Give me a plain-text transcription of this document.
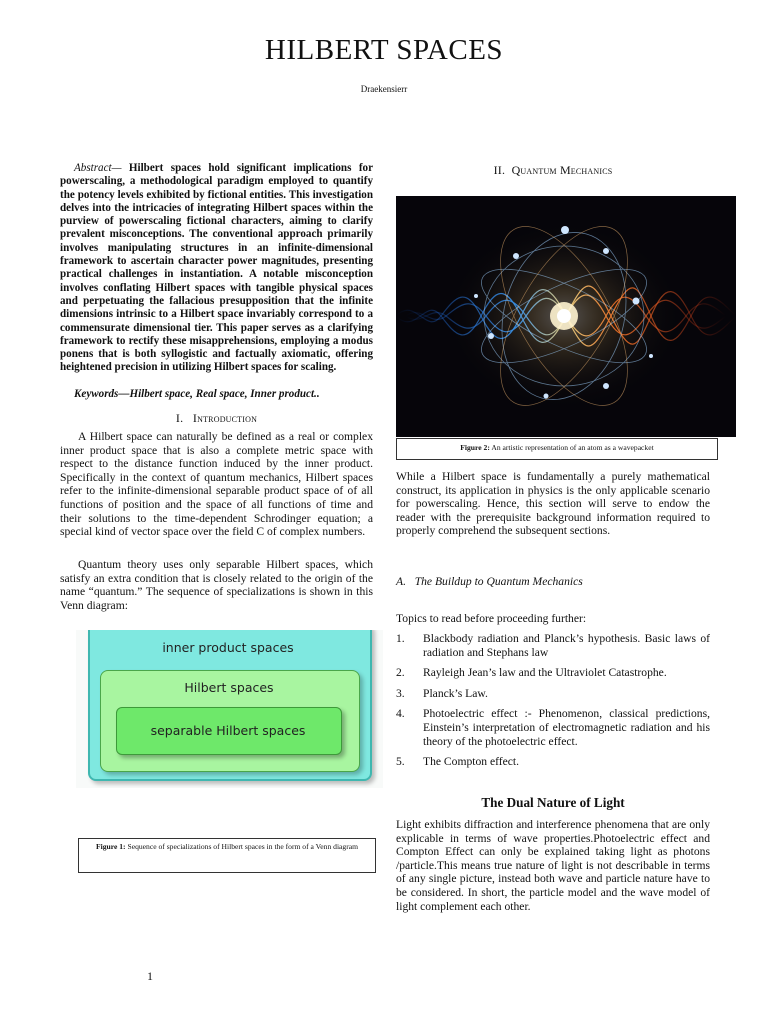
HILBERT SPACES
Draekensierr
Abstract— Hilbert spaces hold significant implications for powerscaling, a methodological paradigm employed to quantify the potency levels exhibited by fictional entities. This investigation delves into the intricacies of integrating Hilbert spaces within the purview of powerscaling fictional characters, aiming to clarify prevalent misconceptions. The conventional approach primarily involves manipulating structures in an infinite-dimensional framework to ascertain character power magnitudes, presenting practical challenges in instantiation. A notable misconception involves conflating Hilbert spaces with tangible physical spaces and perpetuating the fallacious presupposition that the infinite dimensions intrinsic to a Hilbert space invariably correspond to a commensurate dimensional tier. This paper serves as a clarifying framework to rectify these misapprehensions, employing a modus ponens that is both syllogistic and factually axiomatic, offering heightened precision in utilizing Hilbert spaces for scaling.
Keywords—Hilbert space, Real space, Inner product..
I. Introduction
A Hilbert space can naturally be defined as a real or complex inner product space that is also a complete metric space with respect to the distance function induced by the inner product. Specifically in the context of quantum mechanics, Hilbert spaces refer to the infinite-dimensional separable product space of of all functions of position and the space of all functions of time and their solutions to the time-dependent Schrodinger equation; a special kind of vector space over the field C of complex numbers.
Quantum theory uses only separable Hilbert spaces, which satisfy an extra condition that is closely related to the origin of the name “quantum.” The sequence of specializations is shown in this Venn diagram:
inner product spaces
Hilbert spaces
separable Hilbert spaces
Figure 1: Sequence of specializations of Hilbert spaces in the form of a Venn diagram
1
II. Quantum Mechanics
Figure 2: An artistic representation of an atom as a wavepacket
While a Hilbert space is fundamentally a purely mathematical construct, its application in physics is the only applicable scenario for powerscaling. Hence, this section will serve to endow the reader with the prerequisite background information required to properly comprehend the subsequent sections.
A. The Buildup to Quantum Mechanics
Topics to read before proceeding further:
1. Blackbody radiation and Planck’s hypothesis. Basic laws of radiation and Stephans law
2. Rayleigh Jean’s law and the Ultraviolet Catastrophe.
3. Planck’s Law.
4. Photoelectric effect :- Phenomenon, classical predictions, Einstein’s interpretation of electromagnetic radiation and his theory of the photoelectric effect.
5. The Compton effect.
The Dual Nature of Light
Light exhibits diffraction and interference phenomena that are only explicable in terms of wave properties.Photoelectric effect and Compton Effect can only be explained taking light as photons /particle.This means true nature of light is not describable in terms of any single picture, instead both wave and particle nature have to be considered. In short, the particle model and the wave model of light complement each other.
